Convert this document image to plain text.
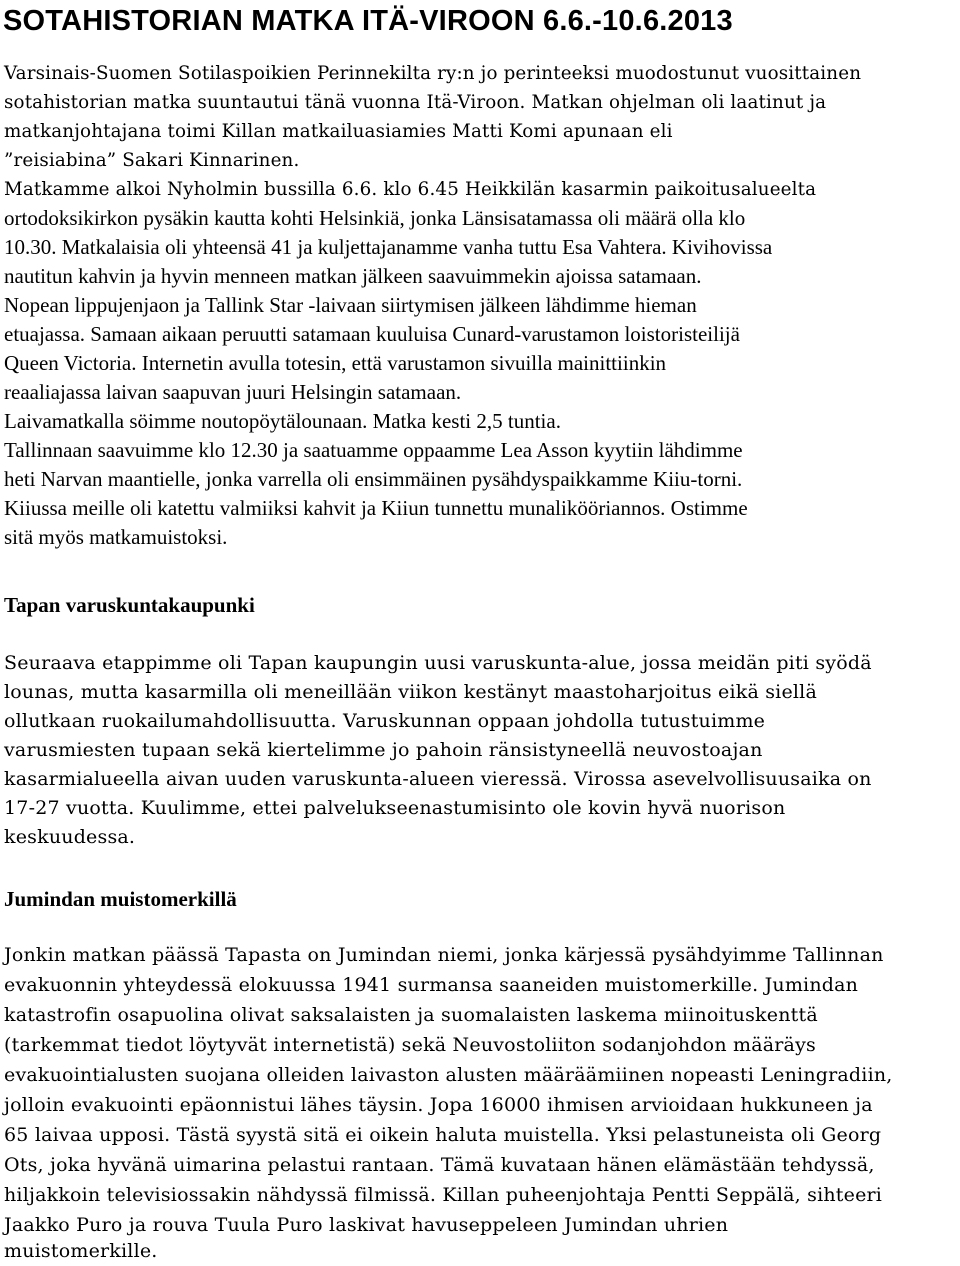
SOTAHISTORIAN MATKA ITÄ-VIROON 6.6.-10.6.2013

Varsinais-Suomen Sotilaspoikien Perinnekilta ry:n jo perinteeksi muodostunut vuosittainen

sotahistorian matka suuntautui tänä vuonna Itä-Viroon. Matkan ohjelman oli laatinut ja

matkanjohtajana toimi Killan matkailuasiamies Matti Komi apunaan eli

”reisiabina” Sakari Kinnarinen.

Matkamme alkoi Nyholmin bussilla 6.6. klo 6.45 Heikkilän kasarmin paikoitusalueelta

ortodoksikirkon pysäkin kautta kohti Helsinkiä, jonka Länsisatamassa oli määrä olla klo

10.30. Matkalaisia oli yhteensä 41 ja kuljettajanamme vanha tuttu Esa Vahtera. Kivihovissa

nautitun kahvin ja hyvin menneen matkan jälkeen saavuimmekin ajoissa satamaan.

Nopean lippujenjaon ja Tallink Star -laivaan siirtymisen jälkeen lähdimme hieman

etuajassa. Samaan aikaan peruutti satamaan kuuluisa Cunard-varustamon loistoristeilijä

Queen Victoria. Internetin avulla totesin, että varustamon sivuilla mainittiinkin

reaaliajassa laivan saapuvan juuri Helsingin satamaan.

Laivamatkalla söimme noutopöytälounaan. Matka kesti 2,5 tuntia.

Tallinnaan saavuimme klo 12.30 ja saatuamme oppaamme Lea Asson kyytiin lähdimme

heti Narvan maantielle, jonka varrella oli ensimmäinen pysähdyspaikkamme Kiiu-torni.

Kiiussa meille oli katettu valmiiksi kahvit ja Kiiun tunnettu munalikööriannos. Ostimme

sitä myös matkamuistoksi.

Tapan varuskuntakaupunki

Seuraava etappimme oli Tapan kaupungin uusi varuskunta-alue, jossa meidän piti syödä

lounas, mutta kasarmilla oli meneillään viikon kestänyt maastoharjoitus eikä siellä

ollutkaan ruokailumahdollisuutta. Varuskunnan oppaan johdolla tutustuimme

varusmiesten tupaan sekä kiertelimme jo pahoin ränsistyneellä neuvostoajan

kasarmialueella aivan uuden varuskunta-alueen vieressä. Virossa asevelvollisuusaika on

17-27 vuotta. Kuulimme, ettei palvelukseenastumisinto ole kovin hyvä nuorison

keskuudessa.

Jumindan muistomerkillä

Jonkin matkan päässä Tapasta on Jumindan niemi, jonka kärjessä pysähdyimme Tallinnan

evakuonnin yhteydessä elokuussa 1941 surmansa saaneiden muistomerkille. Jumindan

katastrofin osapuolina olivat saksalaisten ja suomalaisten laskema miinoituskenttä

(tarkemmat tiedot löytyvät internetistä) sekä Neuvostoliiton sodanjohdon määräys

evakuointialusten suojana olleiden laivaston alusten määräämiinen nopeasti Leningradiin,

jolloin evakuointi epäonnistui lähes täysin. Jopa 16000 ihmisen arvioidaan hukkuneen ja

65 laivaa upposi. Tästä syystä sitä ei oikein haluta muistella. Yksi pelastuneista oli Georg

Ots, joka hyvänä uimarina pelastui rantaan. Tämä kuvataan hänen elämästään tehdyssä,

hiljakkoin televisiossakin nähdyssä filmissä. Killan puheenjohtaja Pentti Seppälä, sihteeri

Jaakko Puro ja rouva Tuula Puro laskivat havuseppeleen Jumindan uhrien

muistomerkille.
